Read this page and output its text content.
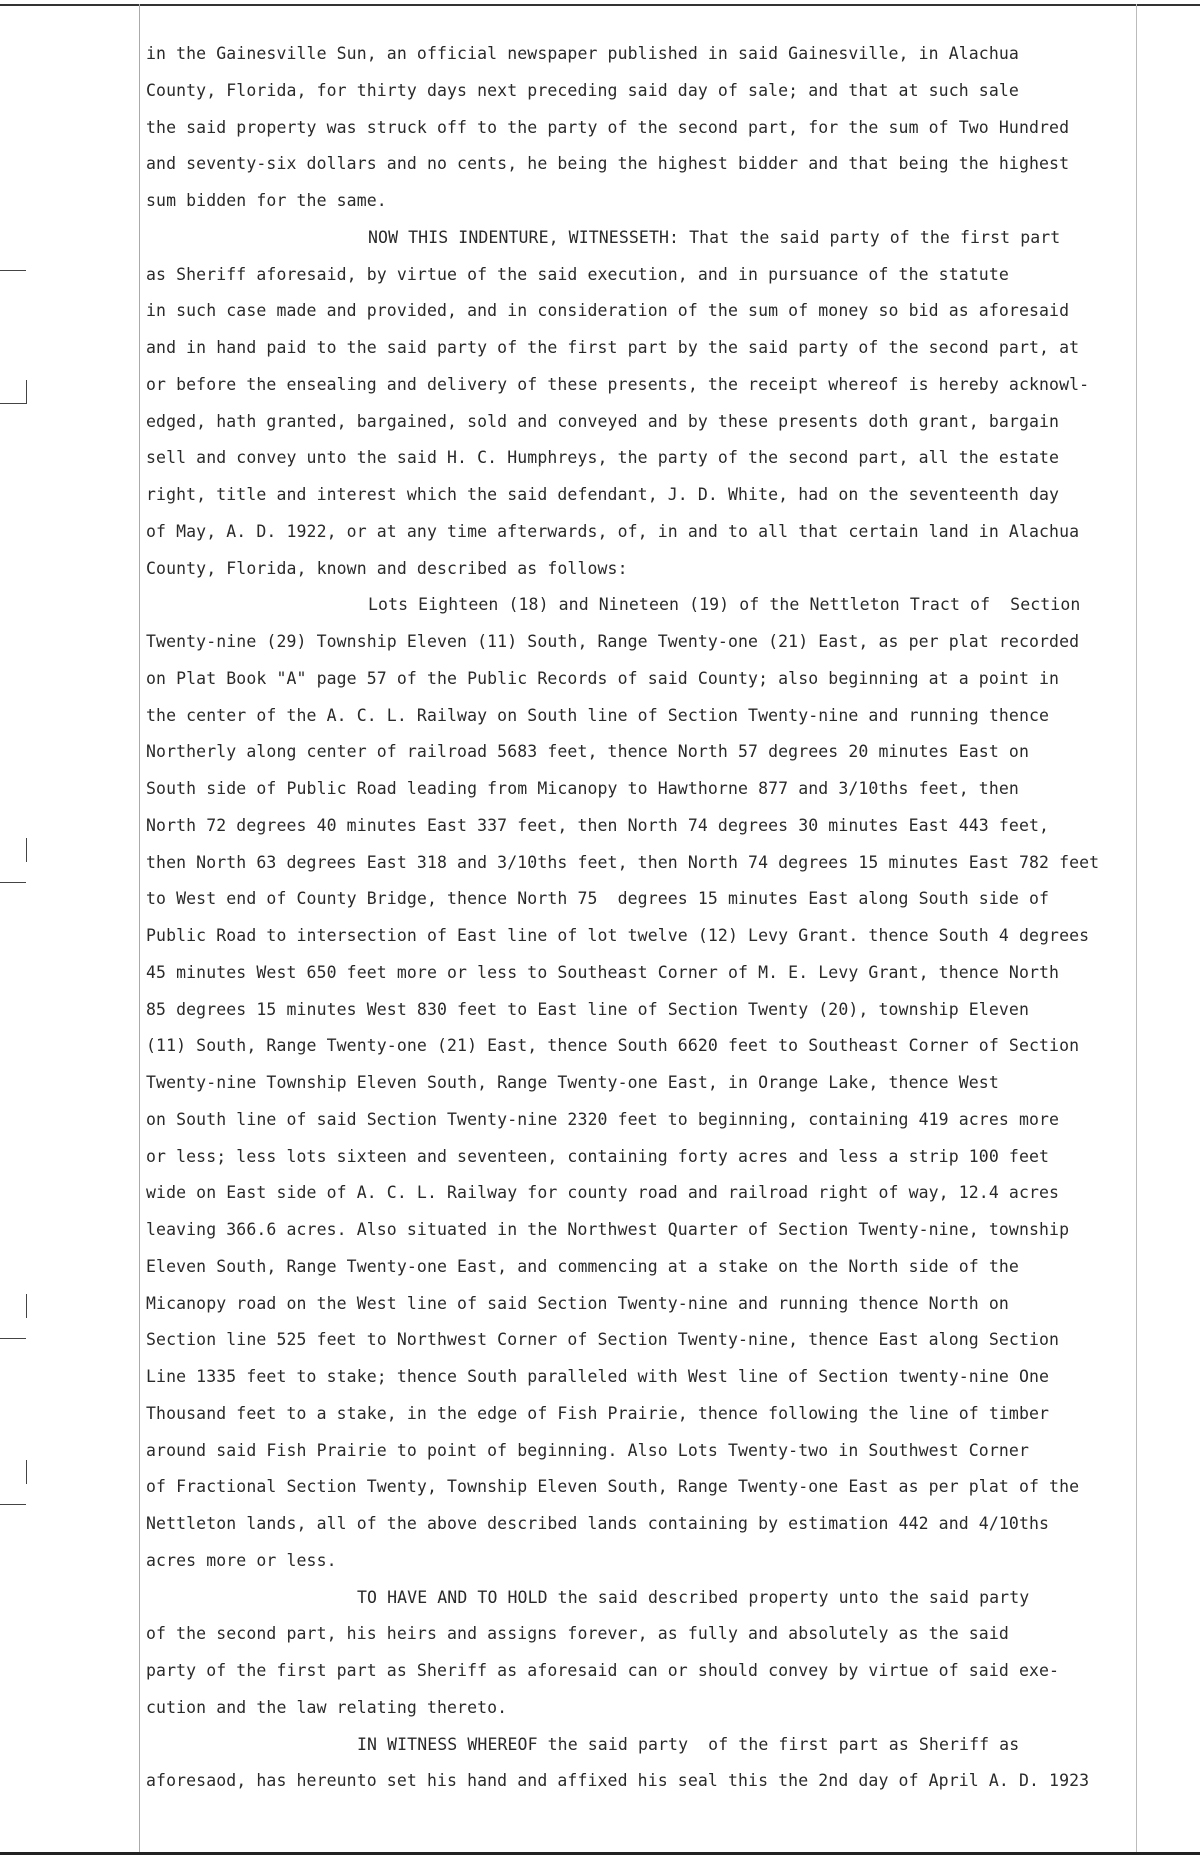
in the Gainesville Sun, an official newspaper published in said Gainesville, in Alachua
County, Florida, for thirty days next preceding said day of sale; and that at such sale
the said property was struck off to the party of the second part, for the sum of Two Hundred
and seventy-six dollars and no cents, he being the highest bidder and that being the highest
sum bidden for the same.
NOW THIS INDENTURE, WITNESSETH: That the said party of the first part
as Sheriff aforesaid, by virtue of the said execution, and in pursuance of the statute
in such case made and provided, and in consideration of the sum of money so bid as aforesaid
and in hand paid to the said party of the first part by the said party of the second part, at
or before the ensealing and delivery of these presents, the receipt whereof is hereby acknowl-
edged, hath granted, bargained, sold and conveyed and by these presents doth grant, bargain
sell and convey unto the said H. C. Humphreys, the party of the second part, all the estate
right, title and interest which the said defendant, J. D. White, had on the seventeenth day
of May, A. D. 1922, or at any time afterwards, of, in and to all that certain land in Alachua
County, Florida, known and described as follows:
Lots Eighteen (18) and Nineteen (19) of the Nettleton Tract of  Section
Twenty-nine (29) Township Eleven (11) South, Range Twenty-one (21) East, as per plat recorded
on Plat Book "A" page 57 of the Public Records of said County; also beginning at a point in
the center of the A. C. L. Railway on South line of Section Twenty-nine and running thence
Northerly along center of railroad 5683 feet, thence North 57 degrees 20 minutes East on
South side of Public Road leading from Micanopy to Hawthorne 877 and 3/10ths feet, then
North 72 degrees 40 minutes East 337 feet, then North 74 degrees 30 minutes East 443 feet,
then North 63 degrees East 318 and 3/10ths feet, then North 74 degrees 15 minutes East 782 feet
to West end of County Bridge, thence North 75  degrees 15 minutes East along South side of
Public Road to intersection of East line of lot twelve (12) Levy Grant. thence South 4 degrees
45 minutes West 650 feet more or less to Southeast Corner of M. E. Levy Grant, thence North
85 degrees 15 minutes West 830 feet to East line of Section Twenty (20), township Eleven
(11) South, Range Twenty-one (21) East, thence South 6620 feet to Southeast Corner of Section
Twenty-nine Township Eleven South, Range Twenty-one East, in Orange Lake, thence West
on South line of said Section Twenty-nine 2320 feet to beginning, containing 419 acres more
or less; less lots sixteen and seventeen, containing forty acres and less a strip 100 feet
wide on East side of A. C. L. Railway for county road and railroad right of way, 12.4 acres
leaving 366.6 acres. Also situated in the Northwest Quarter of Section Twenty-nine, township
Eleven South, Range Twenty-one East, and commencing at a stake on the North side of the
Micanopy road on the West line of said Section Twenty-nine and running thence North on
Section line 525 feet to Northwest Corner of Section Twenty-nine, thence East along Section
Line 1335 feet to stake; thence South paralleled with West line of Section twenty-nine One
Thousand feet to a stake, in the edge of Fish Prairie, thence following the line of timber
around said Fish Prairie to point of beginning. Also Lots Twenty-two in Southwest Corner
of Fractional Section Twenty, Township Eleven South, Range Twenty-one East as per plat of the
Nettleton lands, all of the above described lands containing by estimation 442 and 4/10ths
acres more or less.
TO HAVE AND TO HOLD the said described property unto the said party
of the second part, his heirs and assigns forever, as fully and absolutely as the said
party of the first part as Sheriff as aforesaid can or should convey by virtue of said exe-
cution and the law relating thereto.
IN WITNESS WHEREOF the said party  of the first part as Sheriff as
aforesaod, has hereunto set his hand and affixed his seal this the 2nd day of April A. D. 1923
